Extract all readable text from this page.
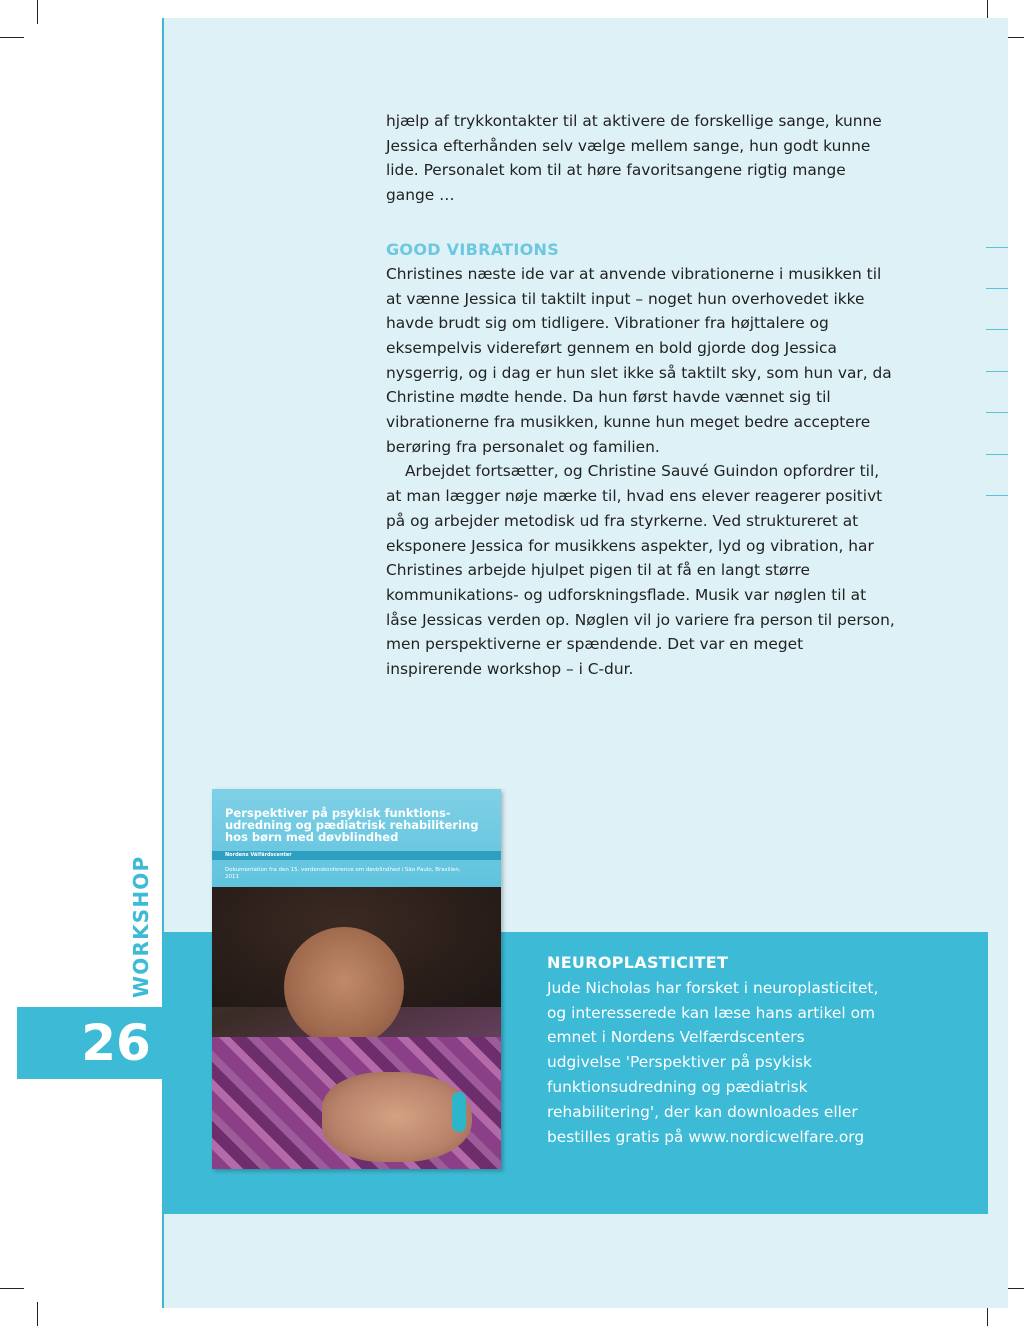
hjælp af trykkontakter til at aktivere de forskellige sange, kunne Jessica efterhånden selv vælge mellem sange, hun godt kunne lide. Personalet kom til at høre favoritsangene rigtig mange gange …

GOOD VIBRATIONS

Christines næste ide var at anvende vibrationerne i musikken til at vænne Jessica til taktilt input – noget hun overhovedet ikke havde brudt sig om tidligere. Vibrationer fra højttalere og eksempelvis videreført gennem en bold gjorde dog Jessica nysgerrig, og i dag er hun slet ikke så taktilt sky, som hun var, da Christine mødte hende. Da hun først havde vænnet sig til vibrationerne fra musikken, kunne hun meget bedre acceptere berøring fra personalet og familien.

Arbejdet fortsætter, og Christine Sauvé Guindon opfordrer til, at man lægger nøje mærke til, hvad ens elever reagerer positivt på og arbejder metodisk ud fra styrkerne. Ved struktureret at eksponere Jessica for musikkens aspekter, lyd og vibration, har Christines arbejde hjulpet pigen til at få en langt større kommunikations- og udforskningsflade. Musik var nøglen til at låse Jessicas verden op. Nøglen vil jo variere fra person til person, men perspektiverne er spændende. Det var en meget inspirerende workshop – i C-dur.

26
WORKSHOP	NEUROPLASTICITET

Jude Nicholas har forsket i neuroplasticitet, og interesserede kan læse hans artikel om emnet i Nordens Velfærdscenters udgivelse 'Perspektiver på psykisk funktionsudredning og pædiatrisk rehabilitering', der kan downloades eller bestilles gratis på www.nordicwelfare.org

Perspektiver på psykisk funktionsudredning og pædiatrisk rehabilitering hos børn med døvblindhed
Nordens Välfärdscenter
Dokumentation fra den 15. verdenskonference om døvblindhed i São Paulo, Brasilien, 2011
